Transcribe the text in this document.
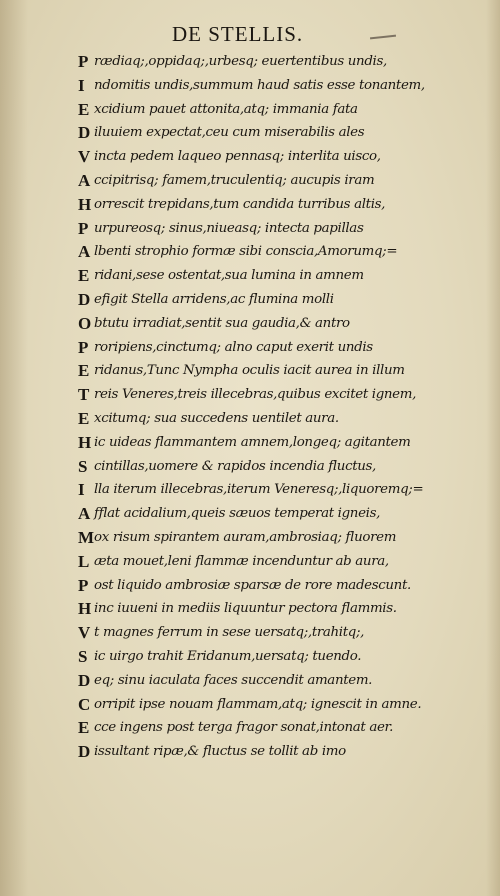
DE STELLIS.
P rædiaq;,oppidaq;,urbesq; euertentibus undis,
I ndomitis undis,summum haud satis esse tonantem,
E xcidium pauet attonita,atq; immania fata
D iluuiem expectat,ceu cum miserabilis ales
V incta pedem laqueo pennasq; interlita uisco,
A ccipitrisq; famem,truculentiq; aucupis iram
H orrescit trepidans,tum candida turribus altis,
P urpureosq; sinus,niueasq; intecta papillas
A lbenti strophio formæ sibi conscia,Amorumq;=
E ridani,sese ostentat,sua lumina in amnem
D efigit Stella arridens,ac flumina molli
O btutu irradiat,sentit sua gaudia,& antro
P roripiens,cinctumq; alno caput exerit undis
E ridanus,Tunc Nympha oculis iacit aurea in illum
T reis Veneres,treis illecebras,quibus excitet ignem,
E xcitumq; sua succedens uentilet aura.
H ic uideas flammantem amnem,longeq; agitantem
S cintillas,uomere & rapidos incendia fluctus,
I lla iterum illecebras,iterum Veneresq;,liquoremq;=
A fflat acidalium,queis sæuos temperat igneis,
M ox risum spirantem auram,ambrosiaq; fluorem
L æta mouet,leni flammæ incenduntur ab aura,
P ost liquido ambrosiæ sparsæ de rore madescunt.
H inc iuueni in mediis liquuntur pectora flammis.
V t magnes ferrum in sese uersatq;,trahitq;,
S ic uirgo trahit Eridanum,uersatq; tuendo.
D eq; sinu iaculata faces succendit amantem.
C orripit ipse nouam flammam,atq; ignescit in amne.
E cce ingens post terga fragor sonat,intonat aer.
D issultant ripæ,& fluctus se tollit ab imo
